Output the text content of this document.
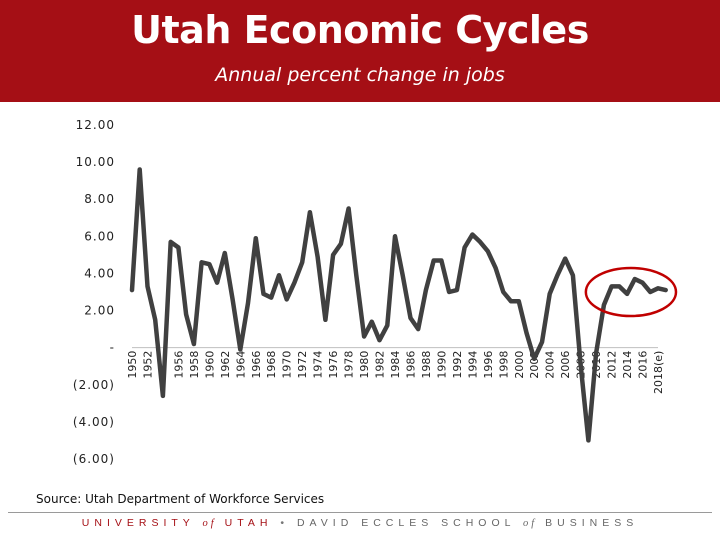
Utah Economic Cycles
Annual percent change in jobs
12.00
10.00
8.00
6.00
4.00
2.00
-
(2.00)
(4.00)
(6.00)
1950 1952 1956 1958 1960 1962 1964 1966 1968 1970 1972 1974 1976 1978 1980 1982 1984 1986 1988 1990 1992 1994 1996 1998 2000 2002 2004 2006 2008 2010 2012 2014 2016 2018(e)
Source: Utah Department of Workforce Services
UNIVERSITY of UTAH • DAVID ECCLES SCHOOL of BUSINESS
